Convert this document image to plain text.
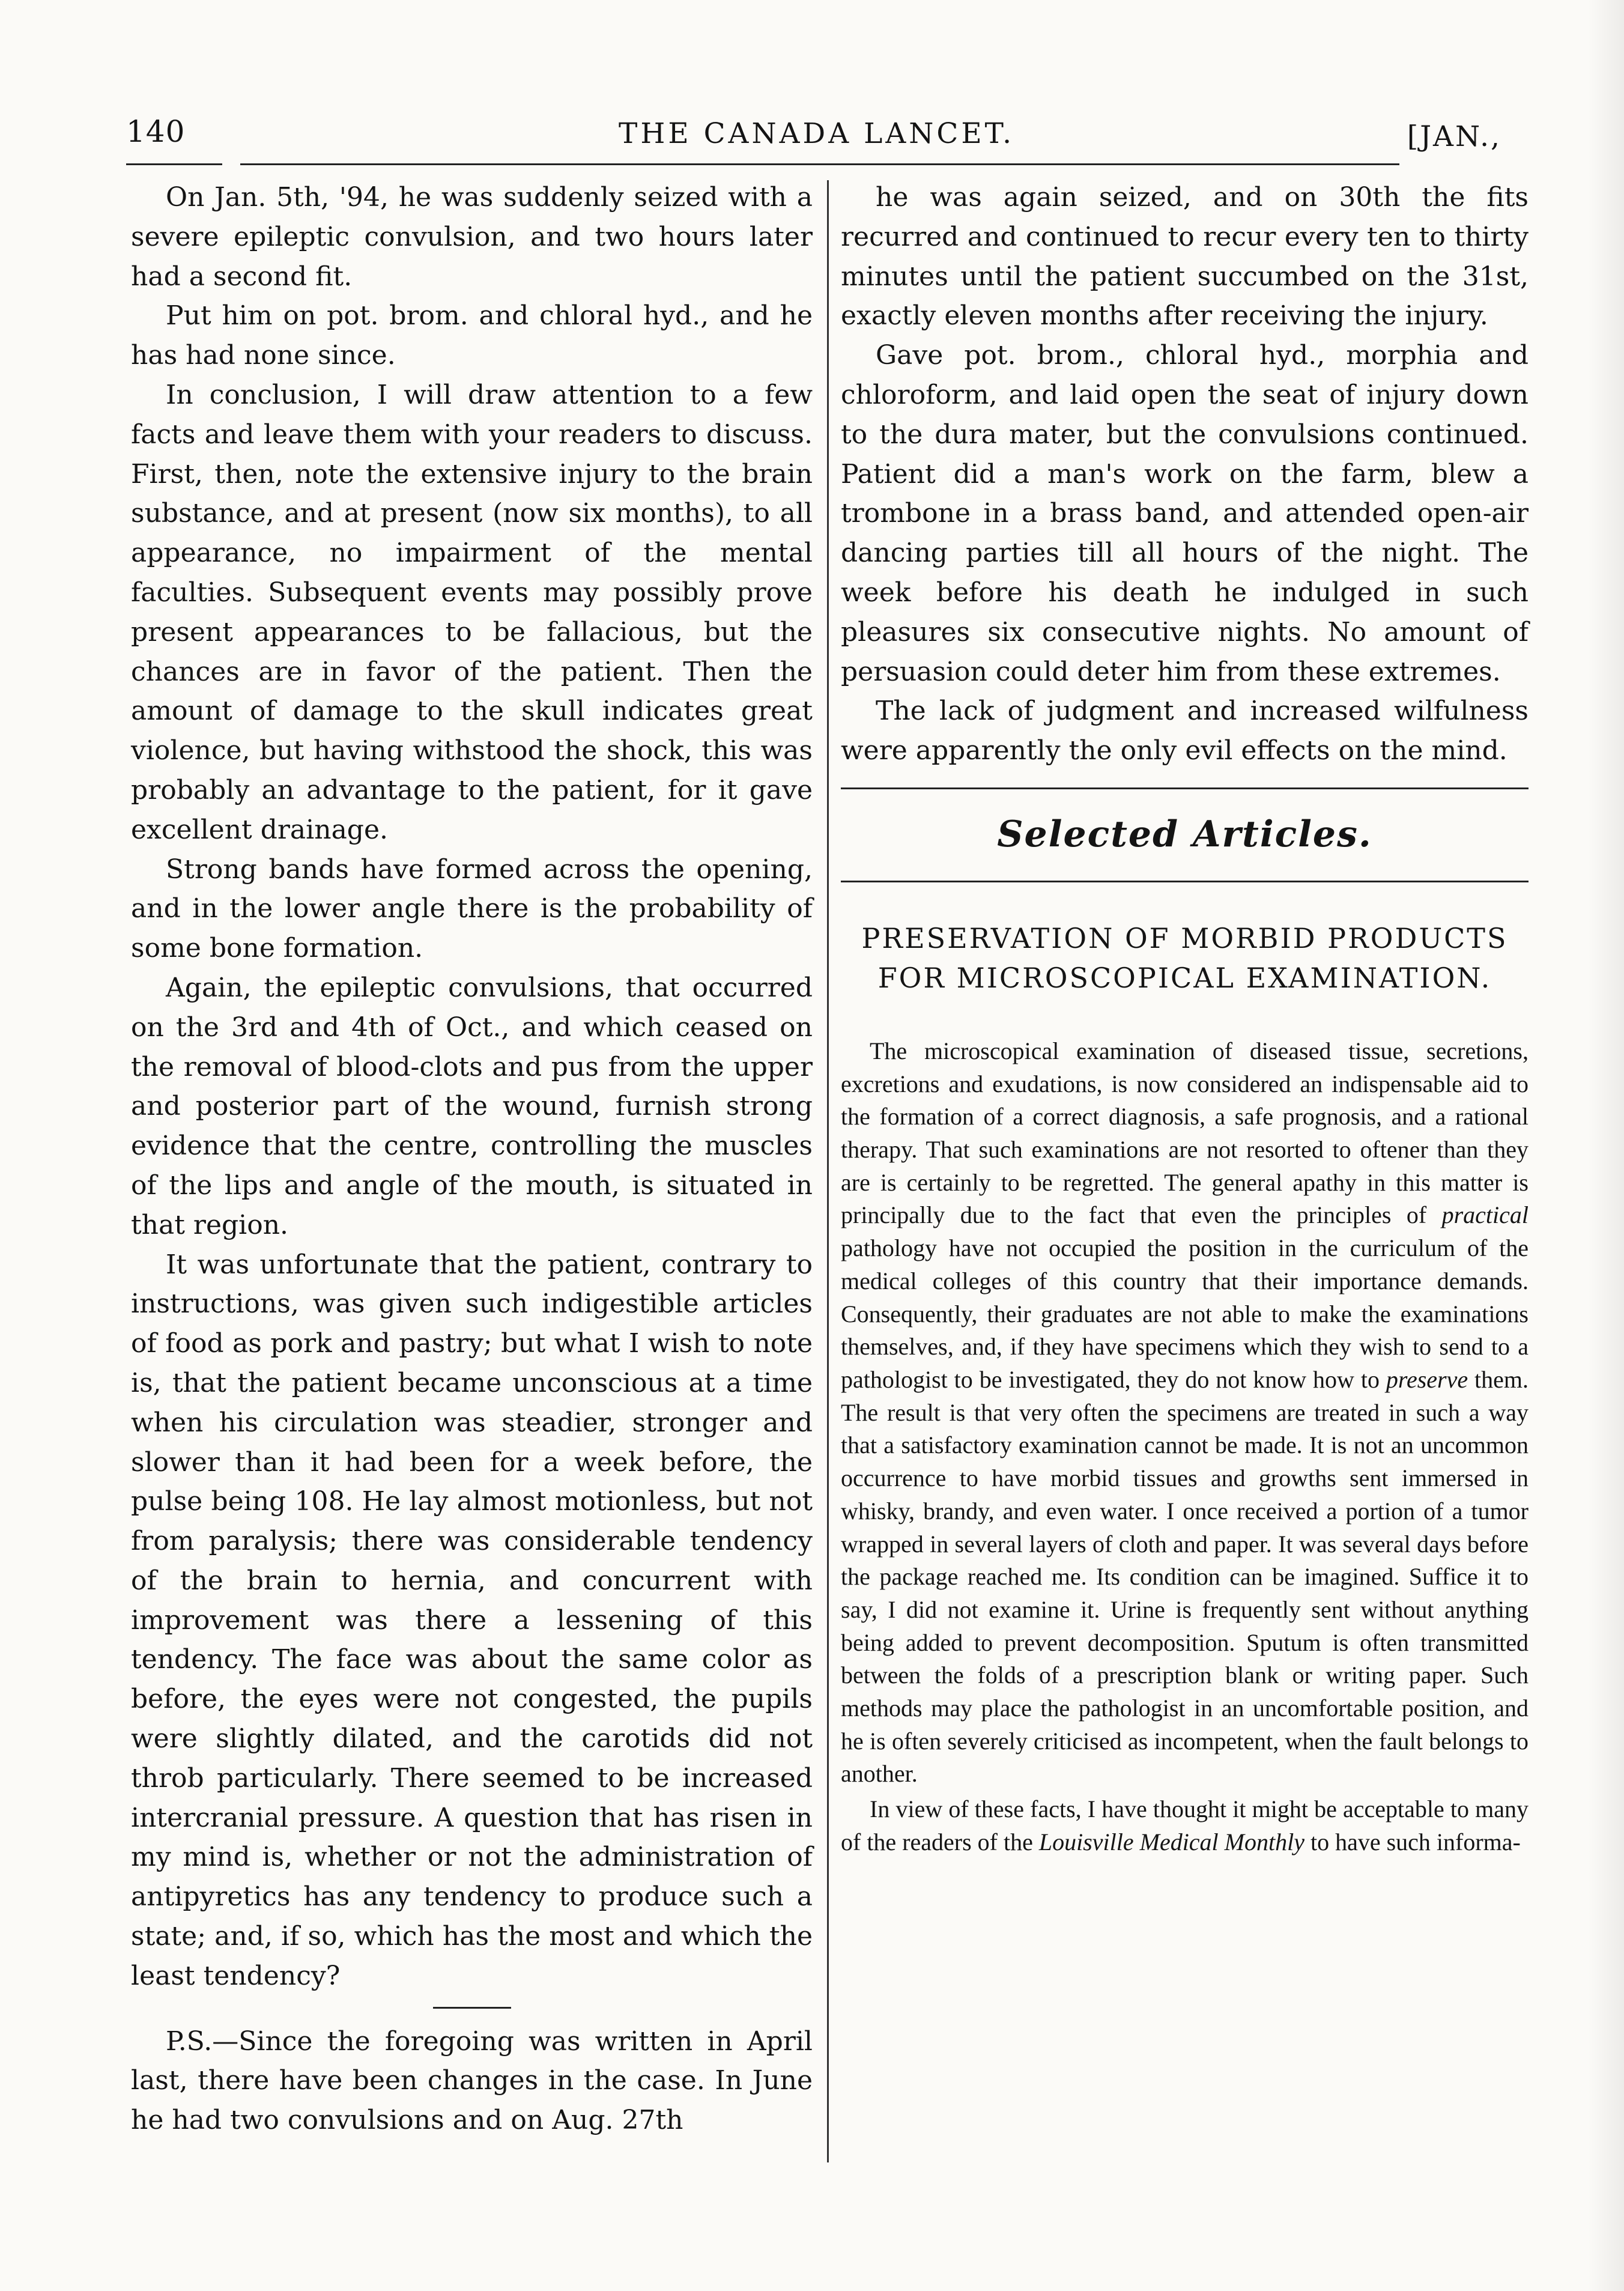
140	THE CANADA LANCET.	[JAN.,

On Jan. 5th, '94, he was suddenly seized with a severe epileptic convulsion, and two hours later had a second fit.

Put him on pot. brom. and chloral hyd., and he has had none since.

In conclusion, I will draw attention to a few facts and leave them with your readers to discuss. First, then, note the extensive injury to the brain substance, and at present (now six months), to all appearance, no impairment of the mental faculties. Subsequent events may possibly prove present appearances to be fallacious, but the chances are in favor of the patient. Then the amount of damage to the skull indicates great violence, but having withstood the shock, this was probably an advantage to the patient, for it gave excellent drainage.

Strong bands have formed across the opening, and in the lower angle there is the probability of some bone formation.

Again, the epileptic convulsions, that occurred on the 3rd and 4th of Oct., and which ceased on the removal of blood-clots and pus from the upper and posterior part of the wound, furnish strong evidence that the centre, controlling the muscles of the lips and angle of the mouth, is situated in that region.

It was unfortunate that the patient, contrary to instructions, was given such indigestible articles of food as pork and pastry; but what I wish to note is, that the patient became unconscious at a time when his circulation was steadier, stronger and slower than it had been for a week before, the pulse being 108. He lay almost motionless, but not from paralysis; there was considerable tendency of the brain to hernia, and concurrent with improvement was there a lessening of this tendency. The face was about the same color as before, the eyes were not congested, the pupils were slightly dilated, and the carotids did not throb particularly. There seemed to be increased intercranial pressure. A question that has risen in my mind is, whether or not the administration of antipyretics has any tendency to produce such a state; and, if so, which has the most and which the least tendency?

P.S.—Since the foregoing was written in April last, there have been changes in the case. In June he had two convulsions and on Aug. 27th

he was again seized, and on 30th the fits recurred and continued to recur every ten to thirty minutes until the patient succumbed on the 31st, exactly eleven months after receiving the injury.

Gave pot. brom., chloral hyd., morphia and chloroform, and laid open the seat of injury down to the dura mater, but the convulsions continued. Patient did a man's work on the farm, blew a trombone in a brass band, and attended open-air dancing parties till all hours of the night. The week before his death he indulged in such pleasures six consecutive nights. No amount of persuasion could deter him from these extremes.

The lack of judgment and increased wilfulness were apparently the only evil effects on the mind.

Selected Articles.
PRESERVATION OF MORBID PRODUCTS
FOR MICROSCOPICAL EXAMINATION.

The microscopical examination of diseased tissue, secretions, excretions and exudations, is now considered an indispensable aid to the formation of a correct diagnosis, a safe prognosis, and a rational therapy. That such examinations are not resorted to oftener than they are is certainly to be regretted. The general apathy in this matter is principally due to the fact that even the principles of practical pathology have not occupied the position in the curriculum of the medical colleges of this country that their importance demands. Consequently, their graduates are not able to make the examinations themselves, and, if they have specimens which they wish to send to a pathologist to be investigated, they do not know how to preserve them. The result is that very often the specimens are treated in such a way that a satisfactory examination cannot be made. It is not an uncommon occurrence to have morbid tissues and growths sent immersed in whisky, brandy, and even water. I once received a portion of a tumor wrapped in several layers of cloth and paper. It was several days before the package reached me. Its condition can be imagined. Suffice it to say, I did not examine it. Urine is frequently sent without anything being added to prevent decomposition. Sputum is often transmitted between the folds of a prescription blank or writing paper. Such methods may place the pathologist in an uncomfortable position, and he is often severely criticised as incompetent, when the fault belongs to another.

In view of these facts, I have thought it might be acceptable to many of the readers of the Louisville Medical Monthly to have such informa-
